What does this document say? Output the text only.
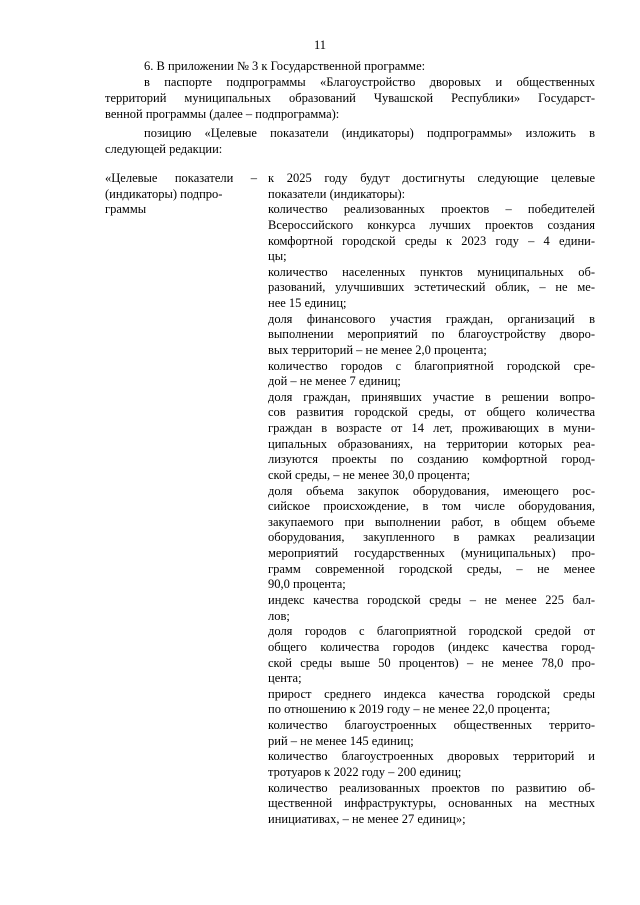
11
6. В приложении № 3 к Государственной программе:
в паспорте подпрограммы «Благоустройство дворовых и общественных
территорий муниципальных образований Чувашской Республики» Государст-
венной программы (далее – подпрограмма):
позицию «Целевые показатели (индикаторы) подпрограммы» изложить в
следующей редакции:
«Целевые показатели –
(индикаторы) подпро-
граммы
к 2025 году будут достигнуты следующие целевые
показатели (индикаторы):
количество реализованных проектов – победителей
Всероссийского конкурса лучших проектов создания
комфортной городской среды к 2023 году – 4 едини-
цы;
количество населенных пунктов муниципальных об-
разований, улучшивших эстетический облик, – не ме-
нее 15 единиц;
доля финансового участия граждан, организаций в
выполнении мероприятий по благоустройству дворо-
вых территорий – не менее 2,0 процента;
количество городов с благоприятной городской сре-
дой – не менее 7 единиц;
доля граждан, принявших участие в решении вопро-
сов развития городской среды, от общего количества
граждан в возрасте от 14 лет, проживающих в муни-
ципальных образованиях, на территории которых реа-
лизуются проекты по созданию комфортной город-
ской среды, – не менее 30,0 процента;
доля объема закупок оборудования, имеющего рос-
сийское происхождение, в том числе оборудования,
закупаемого при выполнении работ, в общем объеме
оборудования, закупленного в рамках реализации
мероприятий государственных (муниципальных) про-
грамм современной городской среды, – не менее
90,0 процента;
индекс качества городской среды – не менее 225 бал-
лов;
доля городов с благоприятной городской средой от
общего количества городов (индекс качества город-
ской среды выше 50 процентов) – не менее 78,0 про-
цента;
прирост среднего индекса качества городской среды
по отношению к 2019 году – не менее 22,0 процента;
количество благоустроенных общественных террито-
рий – не менее 145 единиц;
количество благоустроенных дворовых территорий и
тротуаров к 2022 году – 200 единиц;
количество реализованных проектов по развитию об-
щественной инфраструктуры, основанных на местных
инициативах, – не менее 27 единиц»;
